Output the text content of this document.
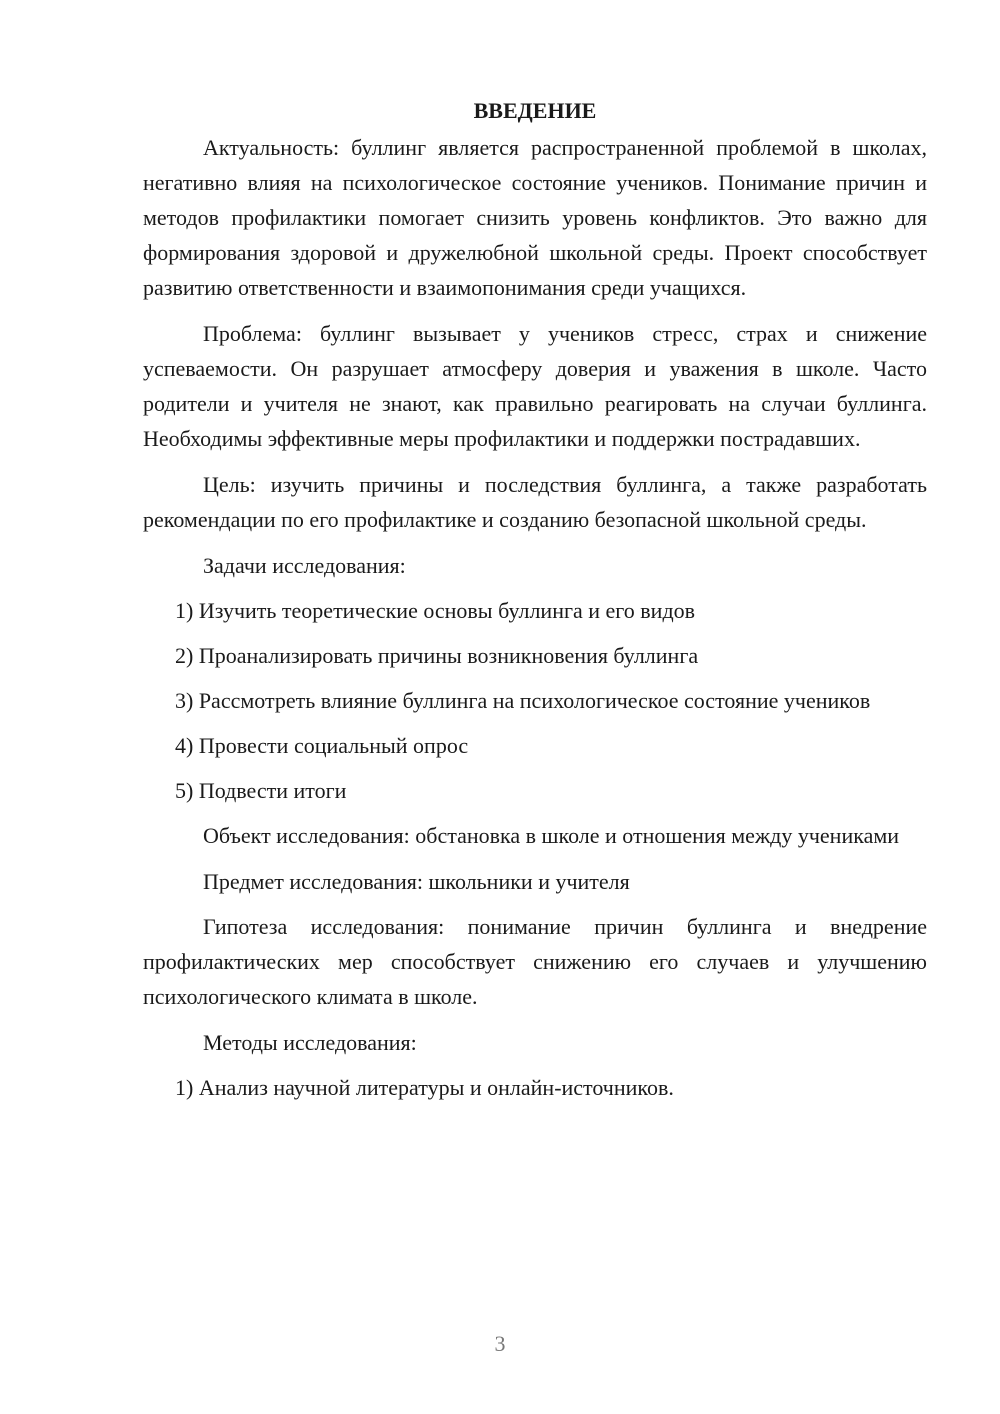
ВВЕДЕНИЕ

Актуальность: буллинг является распространенной проблемой в школах, негативно влияя на психологическое состояние учеников. Понимание причин и методов профилактики помогает снизить уровень конфликтов. Это важно для формирования здоровой и дружелюбной школьной среды. Проект способствует развитию ответственности и взаимопонимания среди учащихся.

Проблема: буллинг вызывает у учеников стресс, страх и снижение успеваемости. Он разрушает атмосферу доверия и уважения в школе. Часто родители и учителя не знают, как правильно реагировать на случаи буллинга. Необходимы эффективные меры профилактики и поддержки пострадавших.

Цель: изучить причины и последствия буллинга, а также разработать рекомендации по его профилактике и созданию безопасной школьной среды.

Задачи исследования:

1) Изучить теоретические основы буллинга и его видов

2) Проанализировать причины возникновения буллинга

3) Рассмотреть влияние буллинга на психологическое состояние учеников

4) Провести социальный опрос

5) Подвести итоги

Объект исследования: обстановка в школе и отношения между учениками

Предмет исследования: школьники и учителя

Гипотеза исследования: понимание причин буллинга и внедрение профилактических мер способствует снижению его случаев и улучшению психологического климата в школе.

Методы исследования:

1) Анализ научной литературы и онлайн-источников.

3
